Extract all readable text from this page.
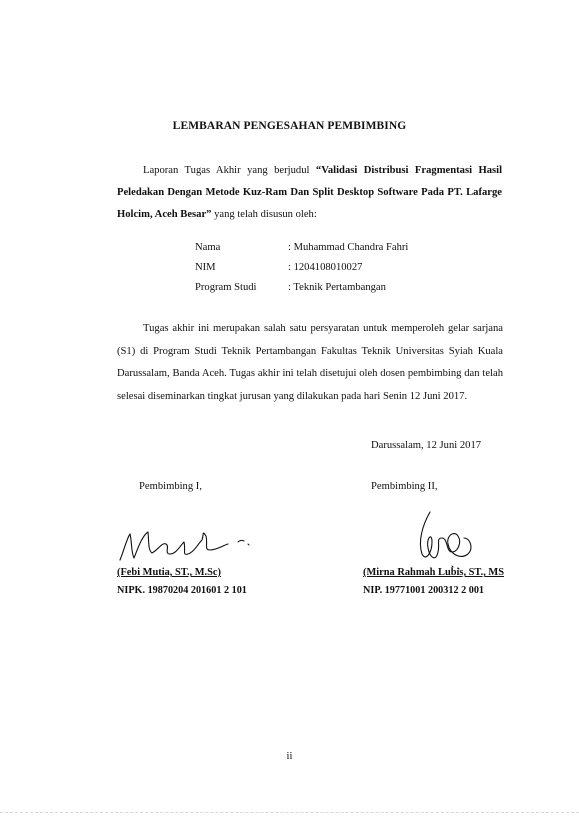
LEMBARAN PENGESAHAN PEMBIMBING
Laporan Tugas Akhir yang berjudul “Validasi Distribusi Fragmentasi Hasil Peledakan Dengan Metode Kuz-Ram Dan Split Desktop Software Pada PT. Lafarge Holcim, Aceh Besar” yang telah disusun oleh:
Nama	: Muhammad Chandra Fahri
NIM	: 1204108010027
Program Studi	: Teknik Pertambangan
Tugas akhir ini merupakan salah satu persyaratan untuk memperoleh gelar sarjana (S1) di Program Studi Teknik Pertambangan Fakultas Teknik Universitas Syiah Kuala Darussalam, Banda Aceh. Tugas akhir ini telah disetujui oleh dosen pembimbing dan telah selesai diseminarkan tingkat jurusan yang dilakukan pada hari Senin 12 Juni 2017.
Darussalam, 12 Juni 2017
Pembimbing I,
(Febi Mutia, ST., M.Sc)
NIPK. 19870204 201601 2 101
Pembimbing II,
(Mirna Rahmah Lubis, ST., MS
NIP. 19771001 200312 2 001
ii
